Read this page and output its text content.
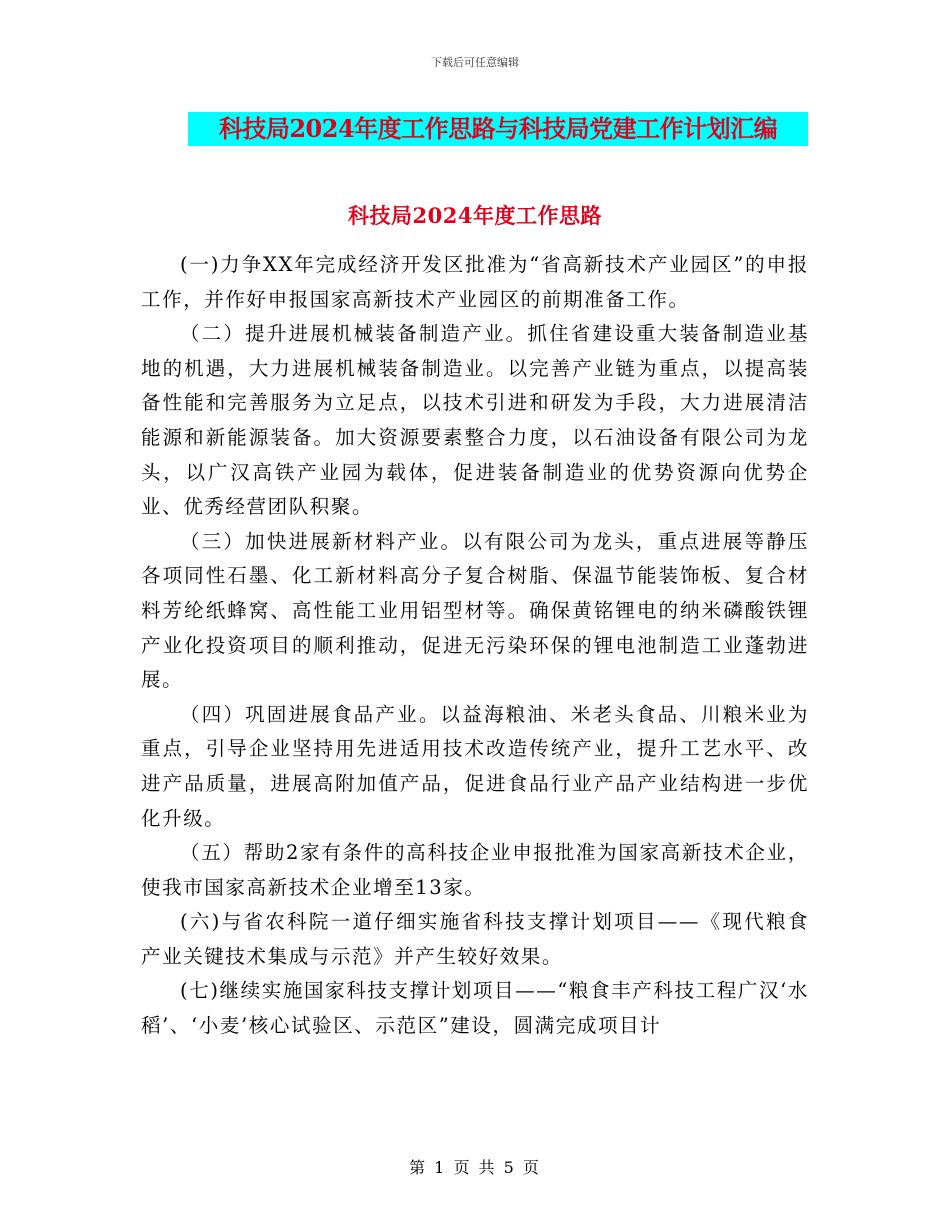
下载后可任意编辑
科技局2024年度工作思路与科技局党建工作计划汇编
科技局2024年度工作思路

(一)力争XX年完成经济开发区批准为“省高新技术产业园区”的申报工作，并作好申报国家高新技术产业园区的前期准备工作。

（二）提升进展机械装备制造产业。抓住省建设重大装备制造业基地的机遇，大力进展机械装备制造业。以完善产业链为重点，以提高装备性能和完善服务为立足点，以技术引进和研发为手段，大力进展清洁能源和新能源装备。加大资源要素整合力度，以石油设备有限公司为龙头，以广汉高铁产业园为载体，促进装备制造业的优势资源向优势企业、优秀经营团队积聚。

（三）加快进展新材料产业。以有限公司为龙头，重点进展等静压各项同性石墨、化工新材料高分子复合树脂、保温节能装饰板、复合材料芳纶纸蜂窝、高性能工业用铝型材等。确保黄铭锂电的纳米磷酸铁锂产业化投资项目的顺利推动，促进无污染环保的锂电池制造工业蓬勃进展。

（四）巩固进展食品产业。以益海粮油、米老头食品、川粮米业为重点，引导企业坚持用先进适用技术改造传统产业，提升工艺水平、改进产品质量，进展高附加值产品，促进食品行业产品产业结构进一步优化升级。

（五）帮助2家有条件的高科技企业申报批准为国家高新技术企业，使我市国家高新技术企业增至13家。

(六)与省农科院一道仔细实施省科技支撑计划项目——《现代粮食产业关键技术集成与示范》并产生较好效果。

(七)继续实施国家科技支撑计划项目——“粮食丰产科技工程广汉‘水稻’、‘小麦’核心试验区、示范区”建设，圆满完成项目计

第 1 页 共 5 页
